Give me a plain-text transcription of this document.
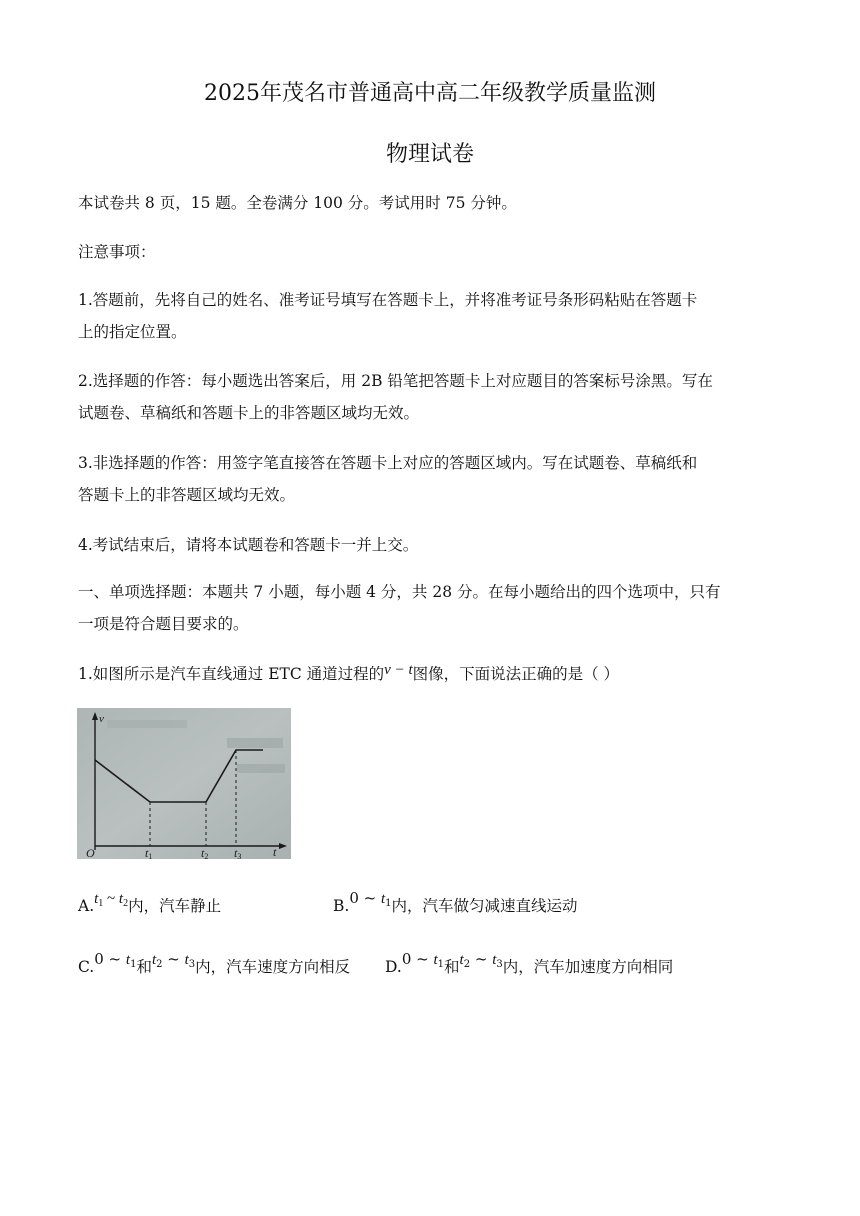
2025年茂名市普通高中高二年级教学质量监测
物理试卷
本试卷共 8 页，15 题。全卷满分 100 分。考试用时 75 分钟。
注意事项：
1.答题前，先将自己的姓名、准考证号填写在答题卡上，并将准考证号条形码粘贴在答题卡
上的指定位置。
2.选择题的作答：每小题选出答案后，用 2B 铅笔把答题卡上对应题目的答案标号涂黑。写在
试题卷、草稿纸和答题卡上的非答题区域均无效。
3.非选择题的作答：用签字笔直接答在答题卡上对应的答题区域内。写在试题卷、草稿纸和
答题卡上的非答题区域均无效。
4.考试结束后，请将本试题卷和答题卡一并上交。
一、单项选择题：本题共 7 小题，每小题 4 分，共 28 分。在每小题给出的四个选项中，只有
一项是符合题目要求的。
1.如图所示是汽车直线通过 ETC 通道过程的v − t图像，下面说法正确的是（ ）
v
O	t
t1	t2 t3
$A.t_1$ ~ $t_2$内，汽车静止	B.0 ~ $t_1$内，汽车做匀减速直线运动
C.0 ~ $t_1$和$t_2$ ~ $t_3$内，汽车速度方向相反 D.0 ~ $t_1$和$t_2$ ~ $t_3$内，汽车加速度方向相同
